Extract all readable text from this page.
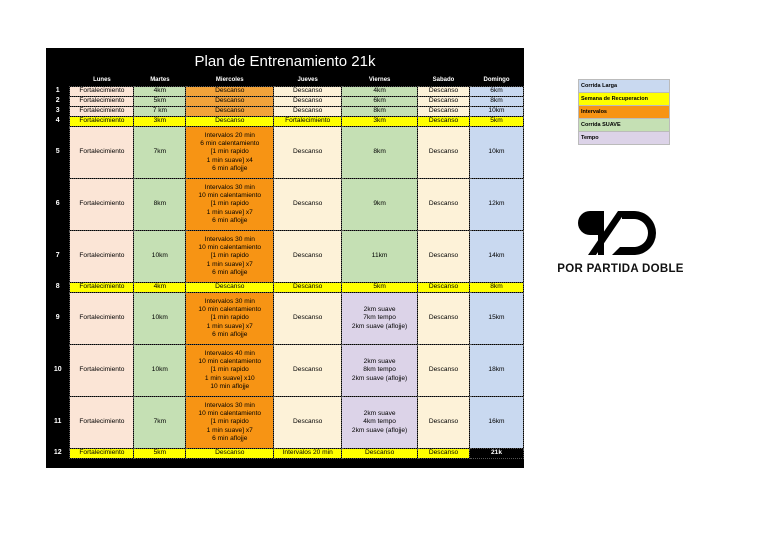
Plan de Entrenamiento 21k
	Lunes	Martes	Miercoles	Jueves	Viernes	Sabado	Domingo
1	Fortalecimiento	4km	Descanso	Descanso	4km	Descanso	6km
2	Fortalecimiento	5km	Descanso	Descanso	6km	Descanso	8km
3	Fortalecimiento	7 km	Descanso	Descanso	8km	Descanso	10km
4	Fortalecimiento	3km	Descanso	Fortalecimiento	3km	Descanso	5km
5	Fortalecimiento	7km	Intervalos 20 min
6 min calentamiento
[1 min rapido
1 min suave] x4
6 min aflojje	Descanso	8km	Descanso	10km
6	Fortalecimiento	8km	Intervalos 30 min
10 min calentamiento
[1 min rapido
1 min suave] x7
6 min aflojje	Descanso	9km	Descanso	12km
7	Fortalecimiento	10km	Intervalos 30 min
10 min calentamiento
[1 min rapido
1 min suave] x7
6 min aflojje	Descanso	11km	Descanso	14km
8	Fortalecimiento	4km	Descanso	Descanso	5km	Descanso	8km
9	Fortalecimiento	10km	Intervalos 30 min
10 min calentamiento
[1 min rapido
1 min suave] x7
6 min aflojje	Descanso	2km suave
7km tempo
2km suave (aflojje)	Descanso	15km
10	Fortalecimiento	10km	Intervalos 40 min
10 min calentamiento
[1 min rapido
1 min suave] x10
10 min aflojje	Descanso	2km suave
8km tempo
2km suave (aflojje)	Descanso	18km
11	Fortalecimiento	7km	Intervalos 30 min
10 min calentamiento
[1 min rapido
1 min suave] x7
6 min aflojje	Descanso	2km suave
4km tempo
2km suave (aflojje)	Descanso	16km
12	Fortalecimiento	5km	Descanso	Intervalos 20 min	Descanso	Descanso	21k
Corrida Larga
Semana de Recuperacion
Intervalos
Corrida SUAVE
Tempo
POR PARTIDA DOBLE
